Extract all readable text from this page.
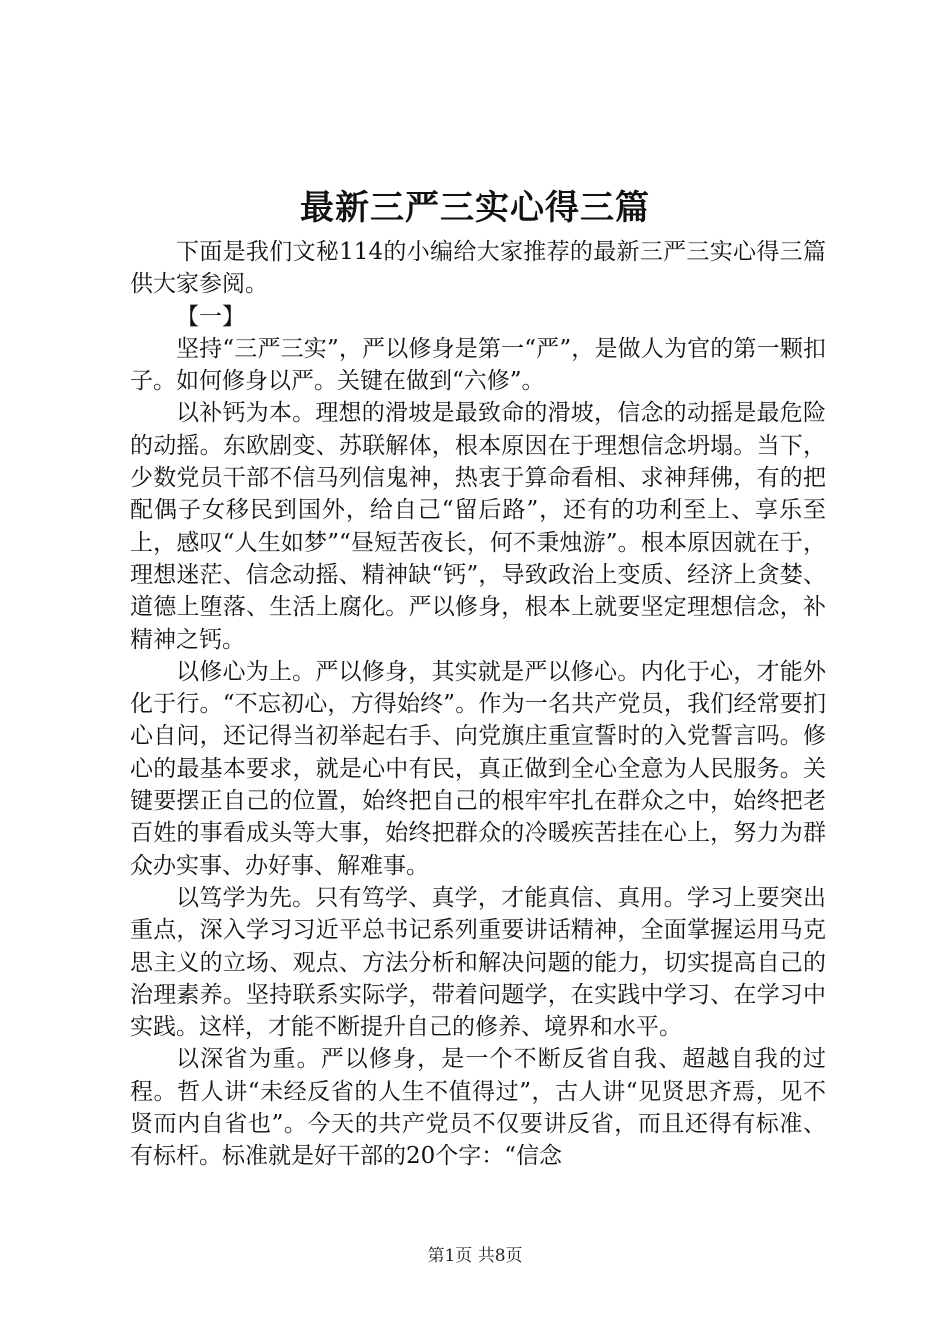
最新三严三实心得三篇

下面是我们文秘114的小编给大家推荐的最新三严三实心得三篇供大家参阅。

【一】

坚持“三严三实”，严以修身是第一“严”，是做人为官的第一颗扣子。如何修身以严。关键在做到“六修”。

以补钙为本。理想的滑坡是最致命的滑坡，信念的动摇是最危险的动摇。东欧剧变、苏联解体，根本原因在于理想信念坍塌。当下，少数党员干部不信马列信鬼神，热衷于算命看相、求神拜佛，有的把配偶子女移民到国外，给自己“留后路”，还有的功利至上、享乐至上，感叹“人生如梦”“昼短苦夜长，何不秉烛游”。根本原因就在于，理想迷茫、信念动摇、精神缺“钙”，导致政治上变质、经济上贪婪、道德上堕落、生活上腐化。严以修身，根本上就要坚定理想信念，补精神之钙。

以修心为上。严以修身，其实就是严以修心。内化于心，才能外化于行。“不忘初心，方得始终”。作为一名共产党员，我们经常要扪心自问，还记得当初举起右手、向党旗庄重宣誓时的入党誓言吗。修心的最基本要求，就是心中有民，真正做到全心全意为人民服务。关键要摆正自己的位置，始终把自己的根牢牢扎在群众之中，始终把老百姓的事看成头等大事，始终把群众的冷暖疾苦挂在心上，努力为群众办实事、办好事、解难事。

以笃学为先。只有笃学、真学，才能真信、真用。学习上要突出重点，深入学习习近平总书记系列重要讲话精神，全面掌握运用马克思主义的立场、观点、方法分析和解决问题的能力，切实提高自己的治理素养。坚持联系实际学，带着问题学，在实践中学习、在学习中实践。这样，才能不断提升自己的修养、境界和水平。

以深省为重。严以修身，是一个不断反省自我、超越自我的过程。哲人讲“未经反省的人生不值得过”，古人讲“见贤思齐焉，见不贤而内自省也”。今天的共产党员不仅要讲反省，而且还得有标准、有标杆。标准就是好干部的20个字：“信念

第1页 共8页
